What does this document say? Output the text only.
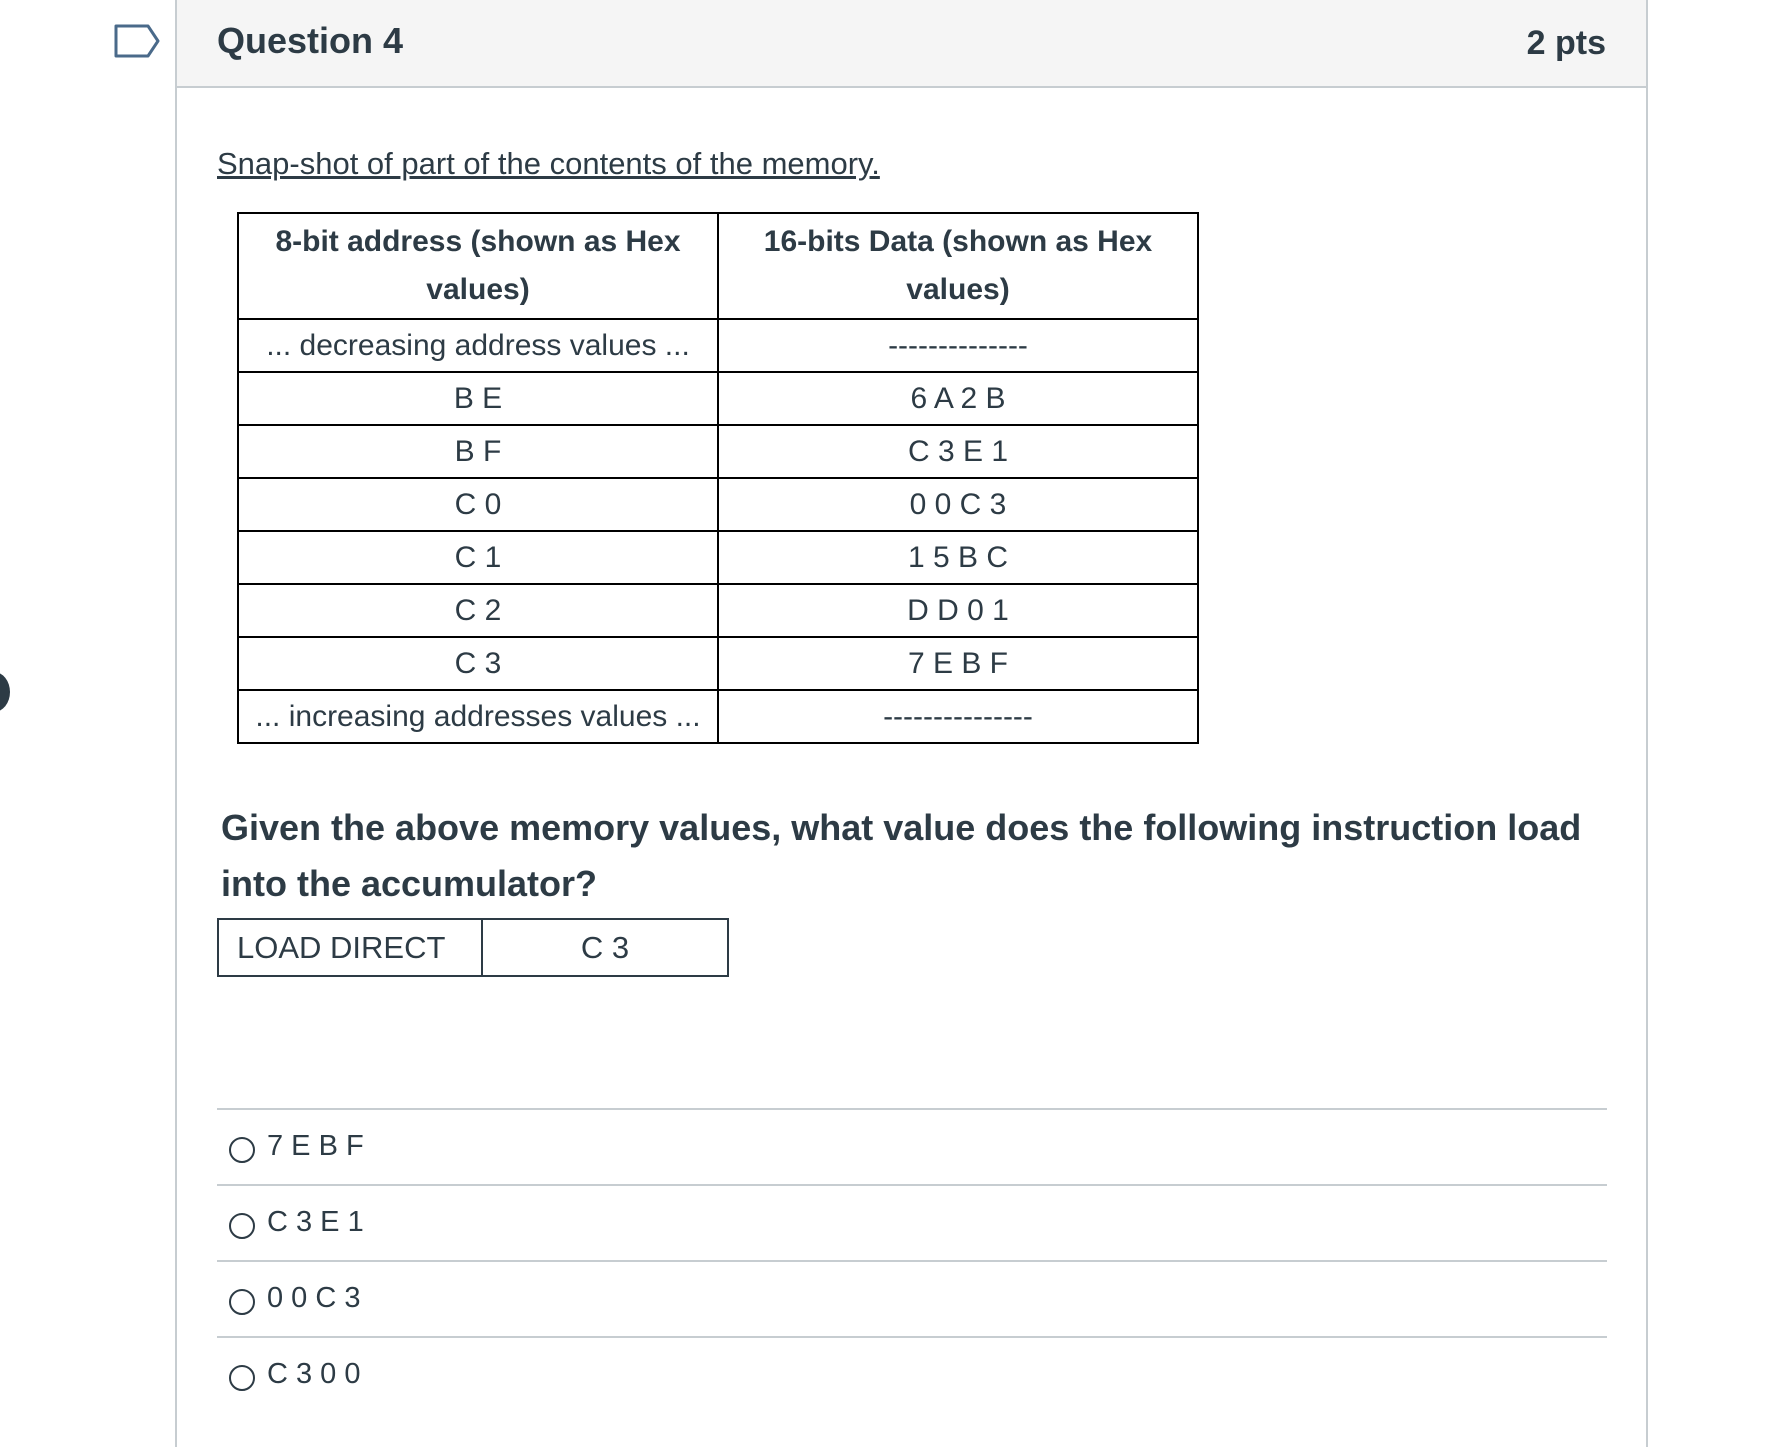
Question 4	2 pts
Snap-shot of part of the contents of the memory.
8-bit address (shown as Hex values)	16-bits Data (shown as Hex values)
... decreasing address values ...	--------------
B E	6 A 2 B
B F	C 3 E 1
C 0	0 0 C 3
C 1	1 5 B C
C 2	D D 0 1
C 3	7 E B F
... increasing addresses values ...	---------------
Given the above memory values, what value does the following instruction load into the accumulator?
LOAD DIRECT	C 3
7 E B F
C 3 E 1
0 0 C 3
C 3 0 0
